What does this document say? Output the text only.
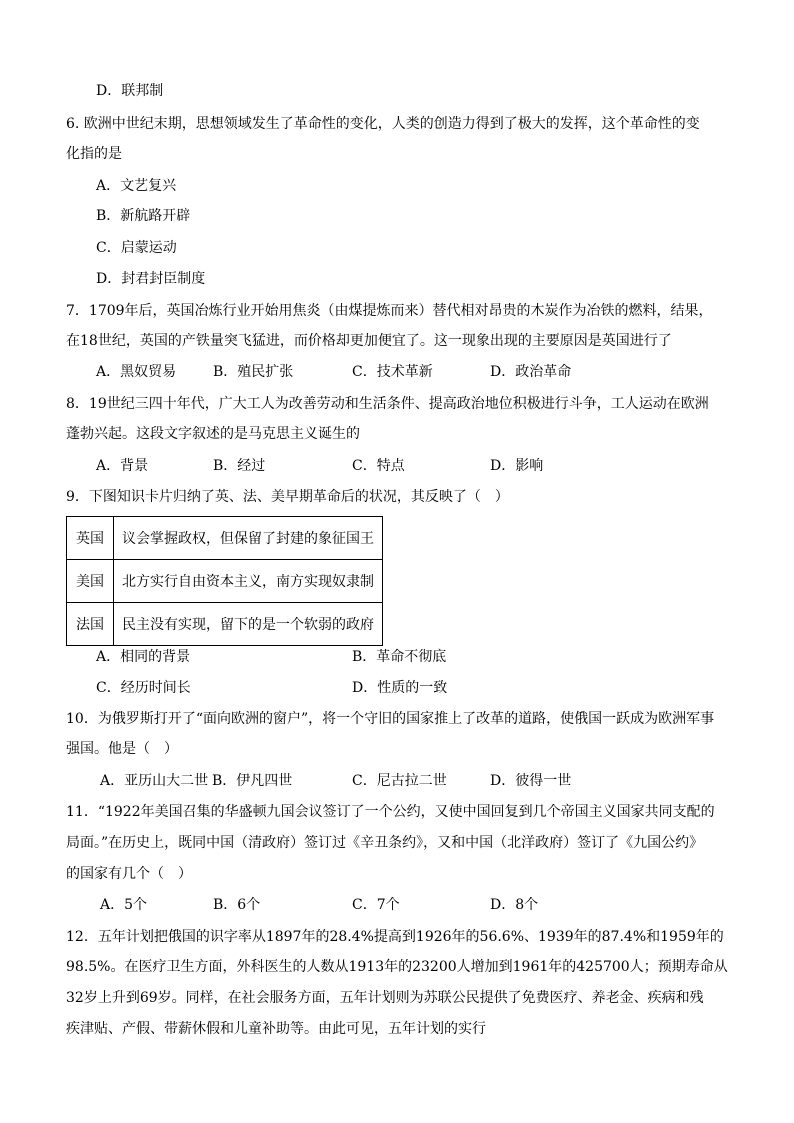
D．联邦制
6. 欧洲中世纪末期，思想领域发生了革命性的变化，人类的创造力得到了极大的发挥，这个革命性的变
化指的是
A．文艺复兴
B．新航路开辟
C．启蒙运动
D．封君封臣制度
7．1709年后，英国冶炼行业开始用焦炎（由煤提炼而来）替代相对昂贵的木炭作为冶铁的燃料，结果，
在18世纪，英国的产铁量突飞猛进，而价格却更加便宜了。这一现象出现的主要原因是英国进行了
A．黑奴贸易	B．殖民扩张	C．技术革新	D．政治革命
8．19世纪三四十年代，广大工人为改善劳动和生活条件、提高政治地位积极进行斗争，工人运动在欧洲
蓬勃兴起。这段文字叙述的是马克思主义诞生的
A．背景	B．经过	C．特点	D．影响
9．下图知识卡片归纳了英、法、美早期革命后的状况，其反映了（　）
英国	议会掌握政权，但保留了封建的象征国王
美国	北方实行自由资本主义，南方实现奴隶制
法国	民主没有实现，留下的是一个软弱的政府
A．相同的背景	B．革命不彻底
C．经历时间长	D．性质的一致
10．为俄罗斯打开了“面向欧洲的窗户”，将一个守旧的国家推上了改革的道路，使俄国一跃成为欧洲军事
强国。他是（　）
A．亚历山大二世 B．伊凡四世	C．尼古拉二世	D．彼得一世
11．“1922年美国召集的华盛顿九国会议签订了一个公约，又使中国回复到几个帝国主义国家共同支配的
局面。”在历史上，既同中国（清政府）签订过《辛丑条约》，又和中国（北洋政府）签订了《九国公约》
的国家有几个（　）
A．5个	B．6个	C．7个	D．8个
12．五年计划把俄国的识字率从1897年的28.4%提高到1926年的56.6%、1939年的87.4%和1959年的
98.5%。在医疗卫生方面，外科医生的人数从1913年的23200人增加到1961年的425700人；预期寿命从
32岁上升到69岁。同样，在社会服务方面，五年计划则为苏联公民提供了免费医疗、养老金、疾病和残
疾津贴、产假、带薪休假和儿童补助等。由此可见，五年计划的实行
